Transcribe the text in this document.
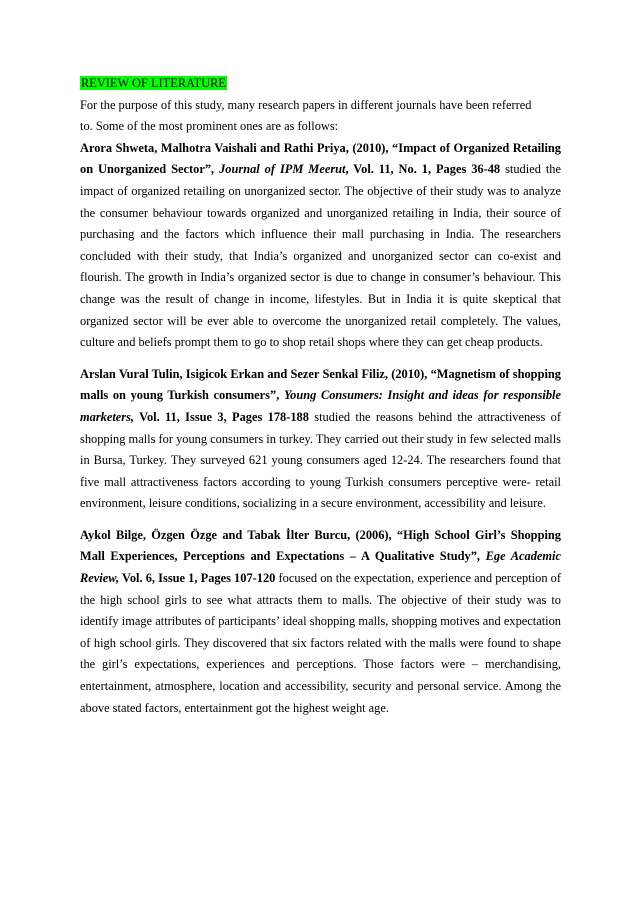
REVIEW OF LITERATURE

For the purpose of this study, many research papers in different journals have been referred to. Some of the most prominent ones are as follows:

Arora Shweta, Malhotra Vaishali and Rathi Priya, (2010), “Impact of Organized Retailing on Unorganized Sector”, Journal of IPM Meerut, Vol. 11, No. 1, Pages 36-48 studied the impact of organized retailing on unorganized sector. The objective of their study was to analyze the consumer behaviour towards organized and unorganized retailing in India, their source of purchasing and the factors which influence their mall purchasing in India. The researchers concluded with their study, that India’s organized and unorganized sector can co-exist and flourish. The growth in India’s organized sector is due to change in consumer’s behaviour. This change was the result of change in income, lifestyles. But in India it is quite skeptical that organized sector will be ever able to overcome the unorganized retail completely. The values, culture and beliefs prompt them to go to shop retail shops where they can get cheap products.

Arslan Vural Tulin, Isigicok Erkan and Sezer Senkal Filiz, (2010), “Magnetism of shopping malls on young Turkish consumers”, Young Consumers: Insight and ideas for responsible marketers, Vol. 11, Issue 3, Pages 178-188 studied the reasons behind the attractiveness of shopping malls for young consumers in turkey. They carried out their study in few selected malls in Bursa, Turkey. They surveyed 621 young consumers aged 12-24. The researchers found that five mall attractiveness factors according to young Turkish consumers perceptive were- retail environment, leisure conditions, socializing in a secure environment, accessibility and leisure.

Aykol Bilge, Özgen Özge and Tabak İlter Burcu, (2006), “High School Girl’s Shopping Mall Experiences, Perceptions and Expectations – A Qualitative Study”, Ege Academic Review, Vol. 6, Issue 1, Pages 107-120 focused on the expectation, experience and perception of the high school girls to see what attracts them to malls. The objective of their study was to identify image attributes of participants’ ideal shopping malls, shopping motives and expectation of high school girls. They discovered that six factors related with the malls were found to shape the girl’s expectations, experiences and perceptions. Those factors were – merchandising, entertainment, atmosphere, location and accessibility, security and personal service. Among the above stated factors, entertainment got the highest weight age.
